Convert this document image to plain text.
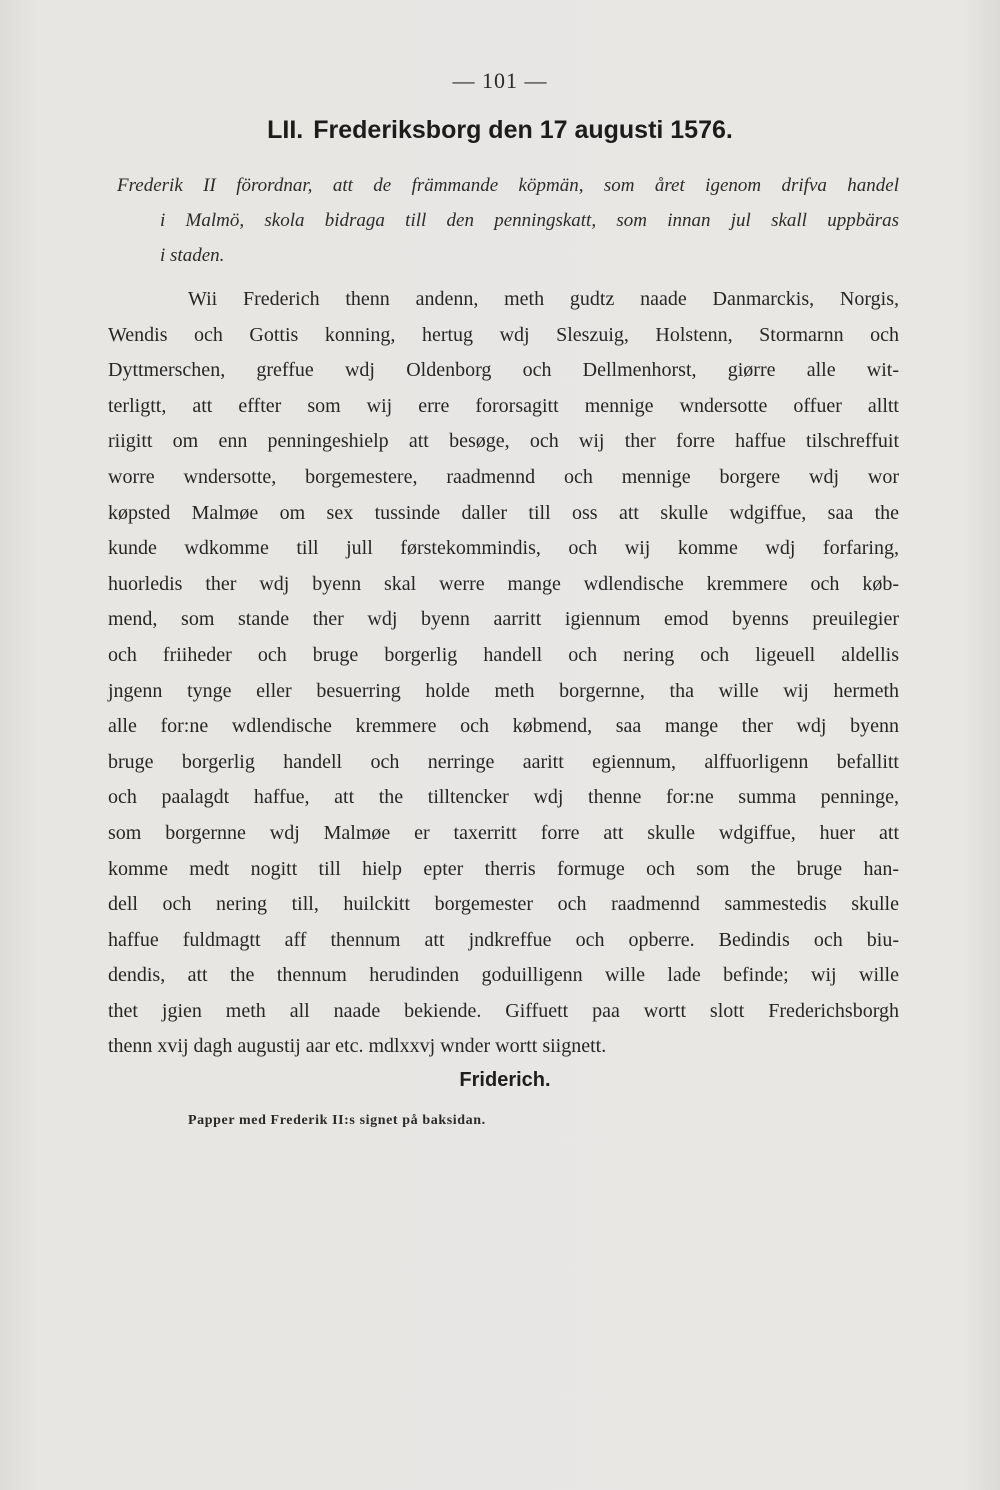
— 101 —
LII. Frederiksborg den 17 augusti 1576.
Frederik II förordnar, att de främmande köpmän, som året igenom drifva handel
i Malmö, skola bidraga till den penningskatt, som innan jul skall uppbäras
i staden.
Wii Frederich thenn andenn, meth gudtz naade Danmarckis, Norgis,
Wendis och Gottis konning, hertug wdj Sleszuig, Holstenn, Stormarnn och
Dyttmerschen, greffue wdj Oldenborg och Dellmenhorst, giørre alle wit-
terligtt, att effter som wij erre fororsagitt mennige wndersotte offuer alltt
riigitt om enn penningeshielp att besøge, och wij ther forre haffue tilschreffuit
worre wndersotte, borgemestere, raadmennd och mennige borgere wdj wor
køpsted Malmøe om sex tussinde daller till oss att skulle wdgiffue, saa the
kunde wdkomme till jull førstekommindis, och wij komme wdj forfaring,
huorledis ther wdj byenn skal werre mange wdlendische kremmere och køb-
mend, som stande ther wdj byenn aarritt igiennum emod byenns preuilegier
och friiheder och bruge borgerlig handell och nering och ligeuell aldellis
jngenn tynge eller besuerring holde meth borgernne, tha wille wij hermeth
alle for:ne wdlendische kremmere och købmend, saa mange ther wdj byenn
bruge borgerlig handell och nerringe aaritt egiennum, alffuorligenn befallitt
och paalagdt haffue, att the tilltencker wdj thenne for:ne summa penninge,
som borgernne wdj Malmøe er taxerritt forre att skulle wdgiffue, huer att
komme medt nogitt till hielp epter therris formuge och som the bruge han-
dell och nering till, huilckitt borgemester och raadmennd sammestedis skulle
haffue fuldmagtt aff thennum att jndkreffue och opberre. Bedindis och biu-
dendis, att the thennum herudinden goduilligenn wille lade befinde; wij wille
thet jgien meth all naade bekiende. Giffuett paa wortt slott Frederichsborgh
thenn xvij dagh augustij aar etc. mdlxxvj wnder wortt siignett.
Friderich.
Papper med Frederik II:s signet på baksidan.
